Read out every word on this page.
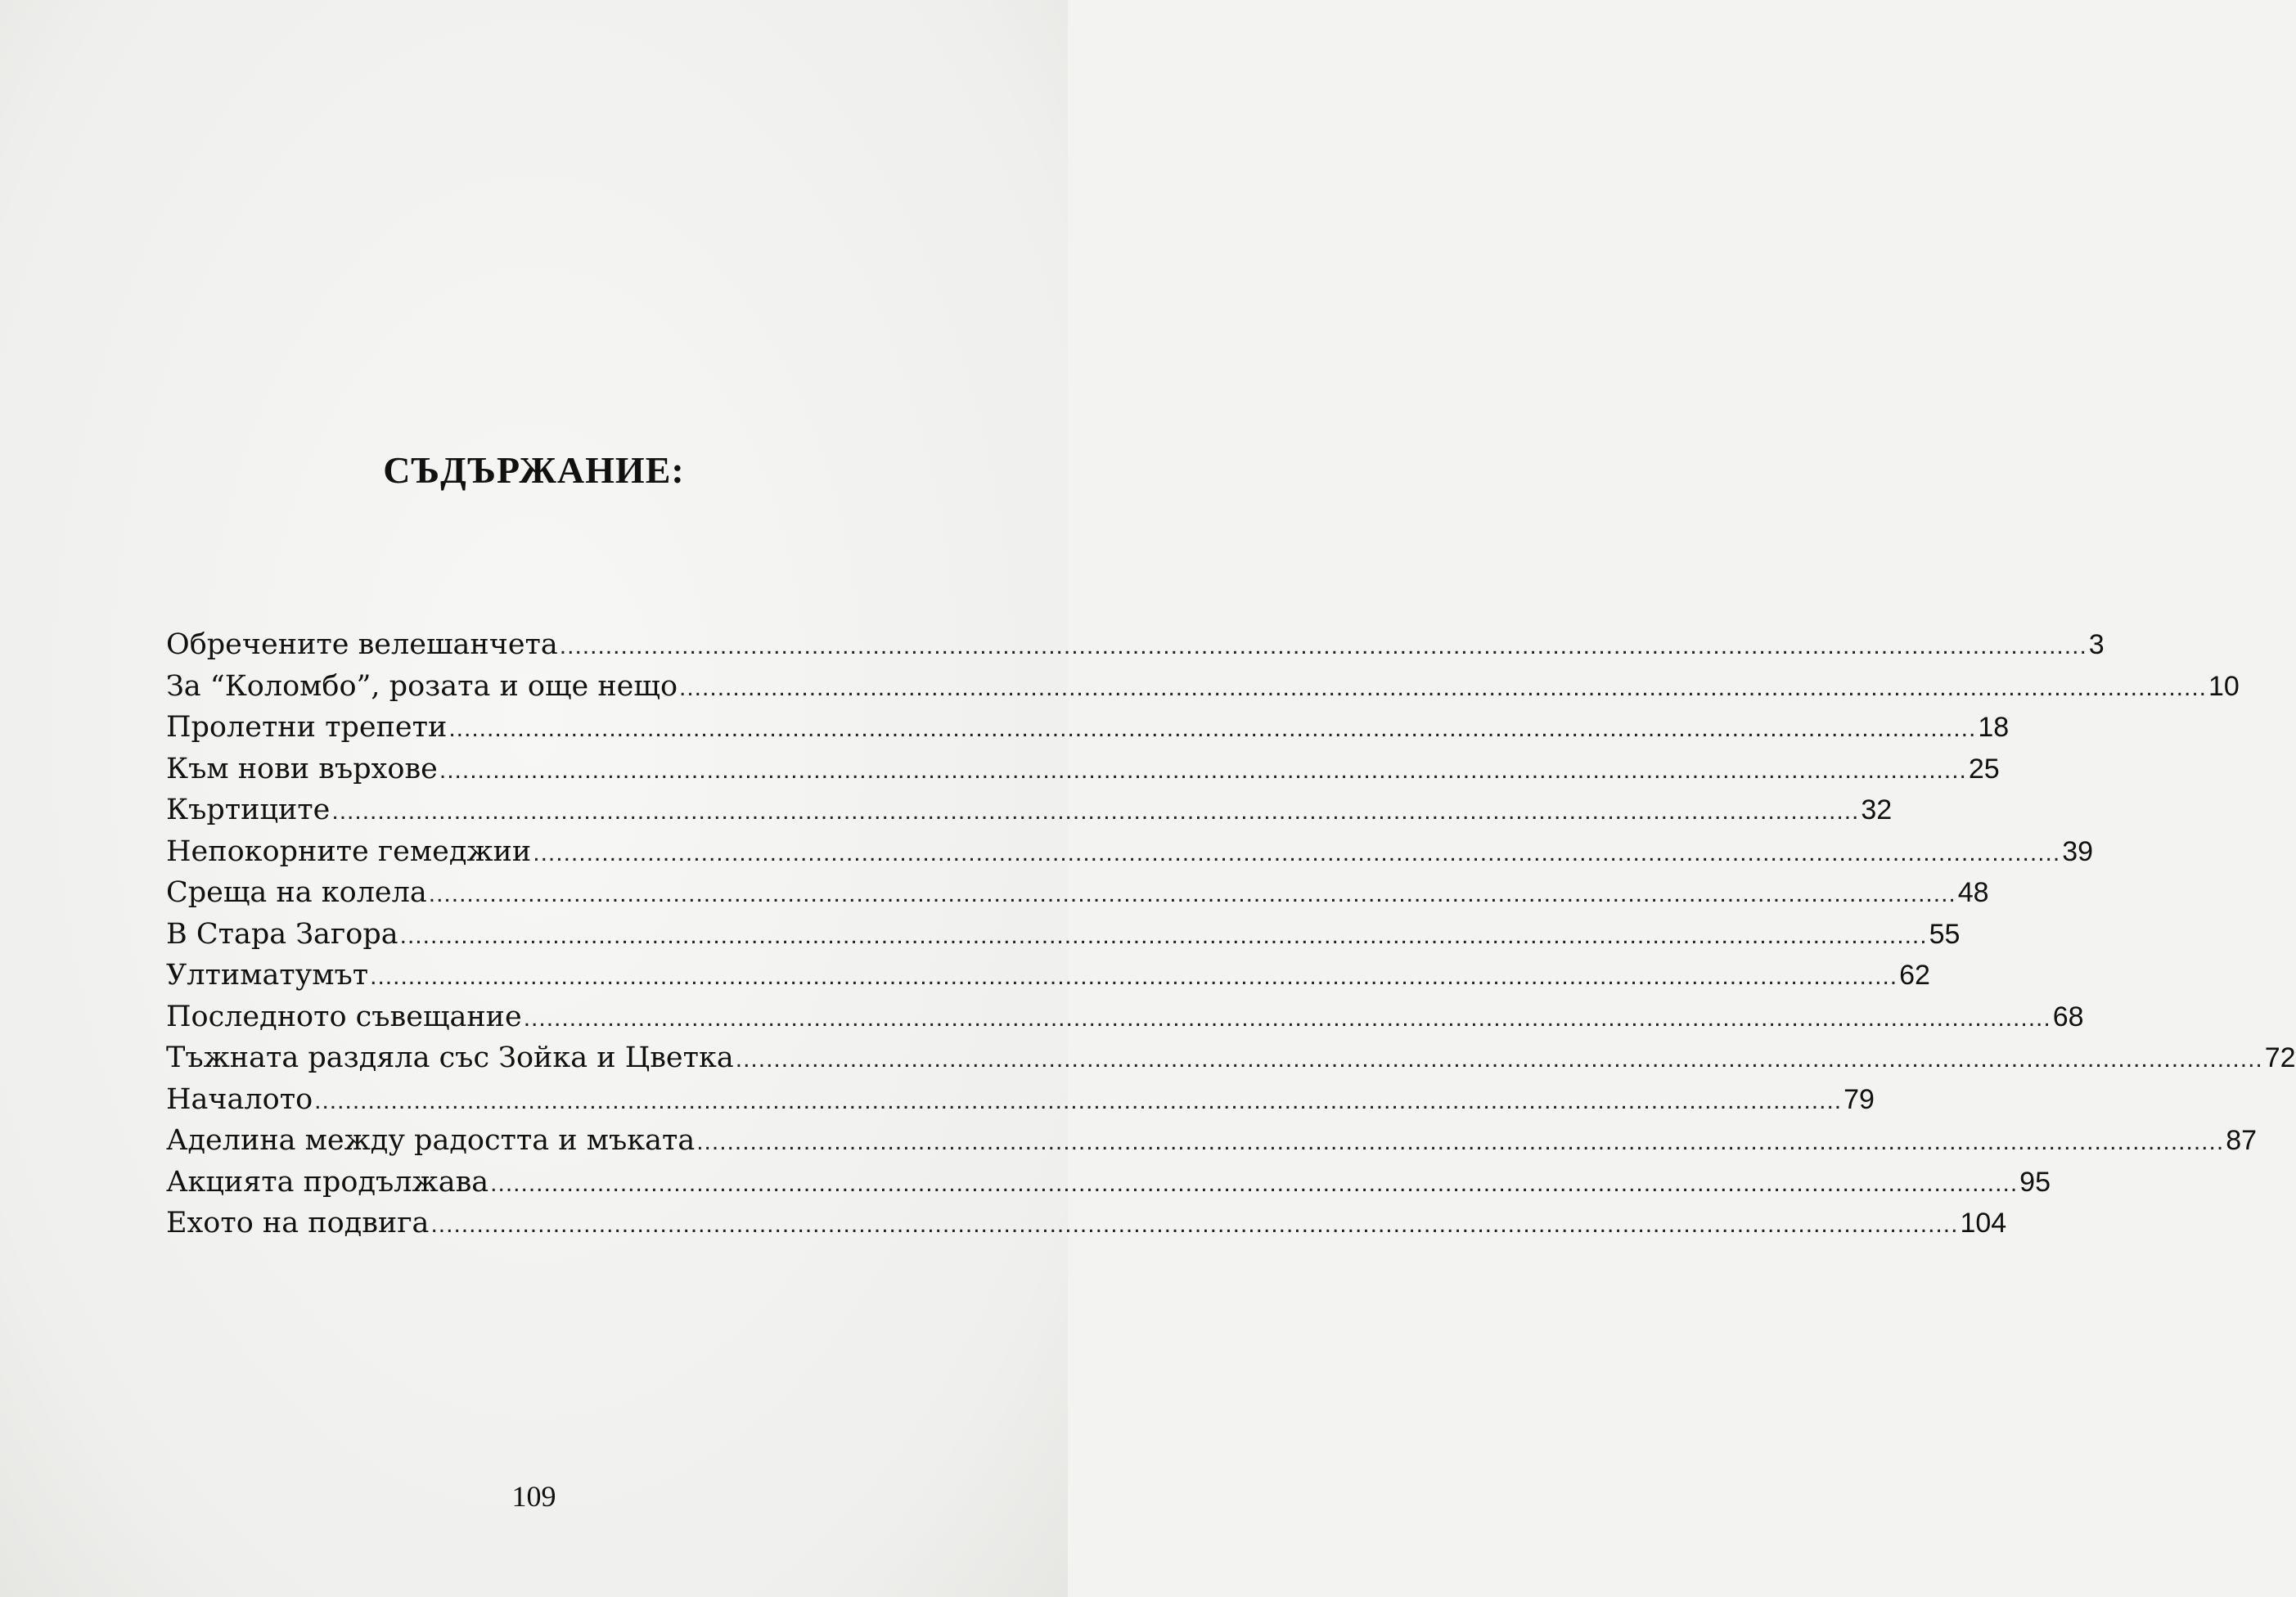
СЪДЪРЖАНИЕ:
Обречените велешанчета ........................................................................................................................................................................................................ 3
За “Коломбо”, розата и още нещо ........................................................................................................................................................................................................ 10
Пролетни трепети ........................................................................................................................................................................................................ 18
Към нови върхове ........................................................................................................................................................................................................ 25
Къртиците ........................................................................................................................................................................................................ 32
Непокорните гемеджии ........................................................................................................................................................................................................ 39
Среща на колела ........................................................................................................................................................................................................ 48
В Стара Загора ........................................................................................................................................................................................................ 55
Ултиматумът ........................................................................................................................................................................................................ 62
Последното съвещание ........................................................................................................................................................................................................ 68
Тъжната раздяла със Зойка и Цветка ........................................................................................................................................................................................................ 72
Началото ........................................................................................................................................................................................................ 79
Аделина между радостта и мъката ........................................................................................................................................................................................................ 87
Акцията продължава ........................................................................................................................................................................................................ 95
Ехото на подвига ........................................................................................................................................................................................................ 104
109
